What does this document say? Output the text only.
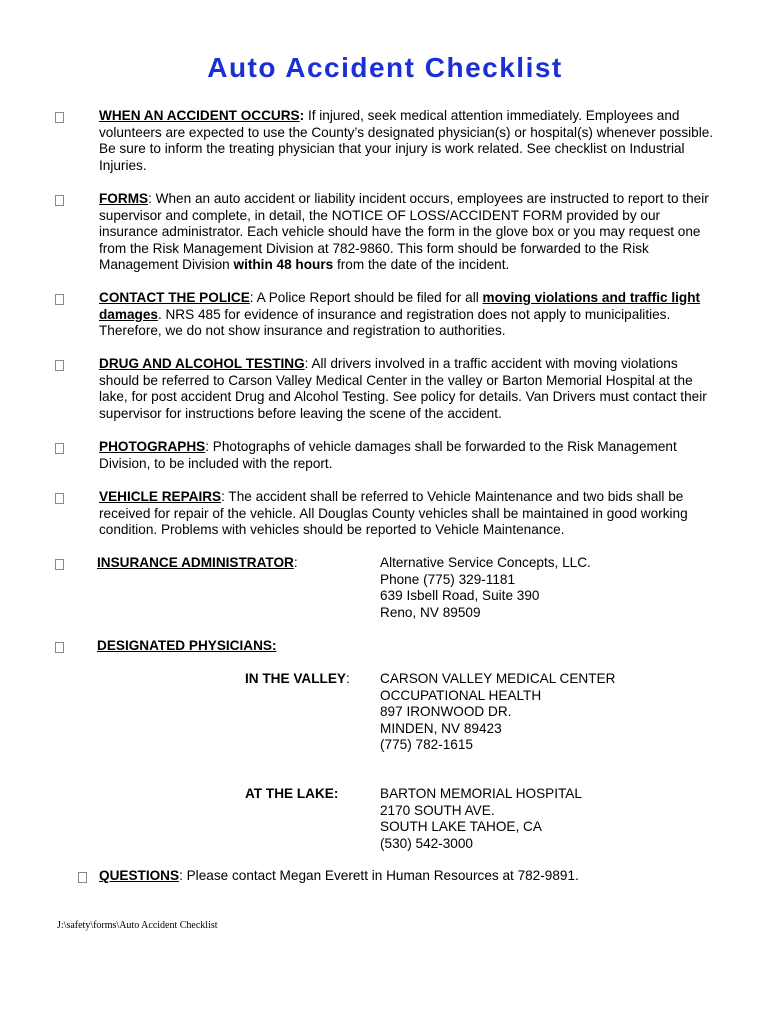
Auto Accident Checklist
WHEN AN ACCIDENT OCCURS: If injured, seek medical attention immediately. Employees and
volunteers are expected to use the County’s designated physician(s) or hospital(s) whenever possible.
Be sure to inform the treating physician that your injury is work related. See checklist on Industrial
Injuries.
FORMS: When an auto accident or liability incident occurs, employees are instructed to report to their
supervisor and complete, in detail, the NOTICE OF LOSS/ACCIDENT FORM provided by our
insurance administrator. Each vehicle should have the form in the glove box or you may request one
from the Risk Management Division at 782-9860. This form should be forwarded to the Risk
Management Division within 48 hours from the date of the incident.
CONTACT THE POLICE: A Police Report should be filed for all moving violations and traffic light
damages. NRS 485 for evidence of insurance and registration does not apply to municipalities.
Therefore, we do not show insurance and registration to authorities.
DRUG AND ALCOHOL TESTING: All drivers involved in a traffic accident with moving violations
should be referred to Carson Valley Medical Center in the valley or Barton Memorial Hospital at the
lake, for post accident Drug and Alcohol Testing. See policy for details. Van Drivers must contact their
supervisor for instructions before leaving the scene of the accident.
PHOTOGRAPHS: Photographs of vehicle damages shall be forwarded to the Risk Management
Division, to be included with the report.
VEHICLE REPAIRS: The accident shall be referred to Vehicle Maintenance and two bids shall be
received for repair of the vehicle. All Douglas County vehicles shall be maintained in good working
condition. Problems with vehicles should be reported to Vehicle Maintenance.
INSURANCE ADMINISTRATOR:	Alternative Service Concepts, LLC.
Phone (775) 329-1181
639 Isbell Road, Suite 390
Reno, NV 89509
DESIGNATED PHYSICIANS:
IN THE VALLEY: CARSON VALLEY MEDICAL CENTER
OCCUPATIONAL HEALTH
897 IRONWOOD DR.
MINDEN, NV 89423
(775) 782-1615
AT THE LAKE:	BARTON MEMORIAL HOSPITAL
2170 SOUTH AVE.
SOUTH LAKE TAHOE, CA
(530) 542-3000
QUESTIONS: Please contact Megan Everett in Human Resources at 782-9891.
J:\safety\forms\Auto Accident Checklist
